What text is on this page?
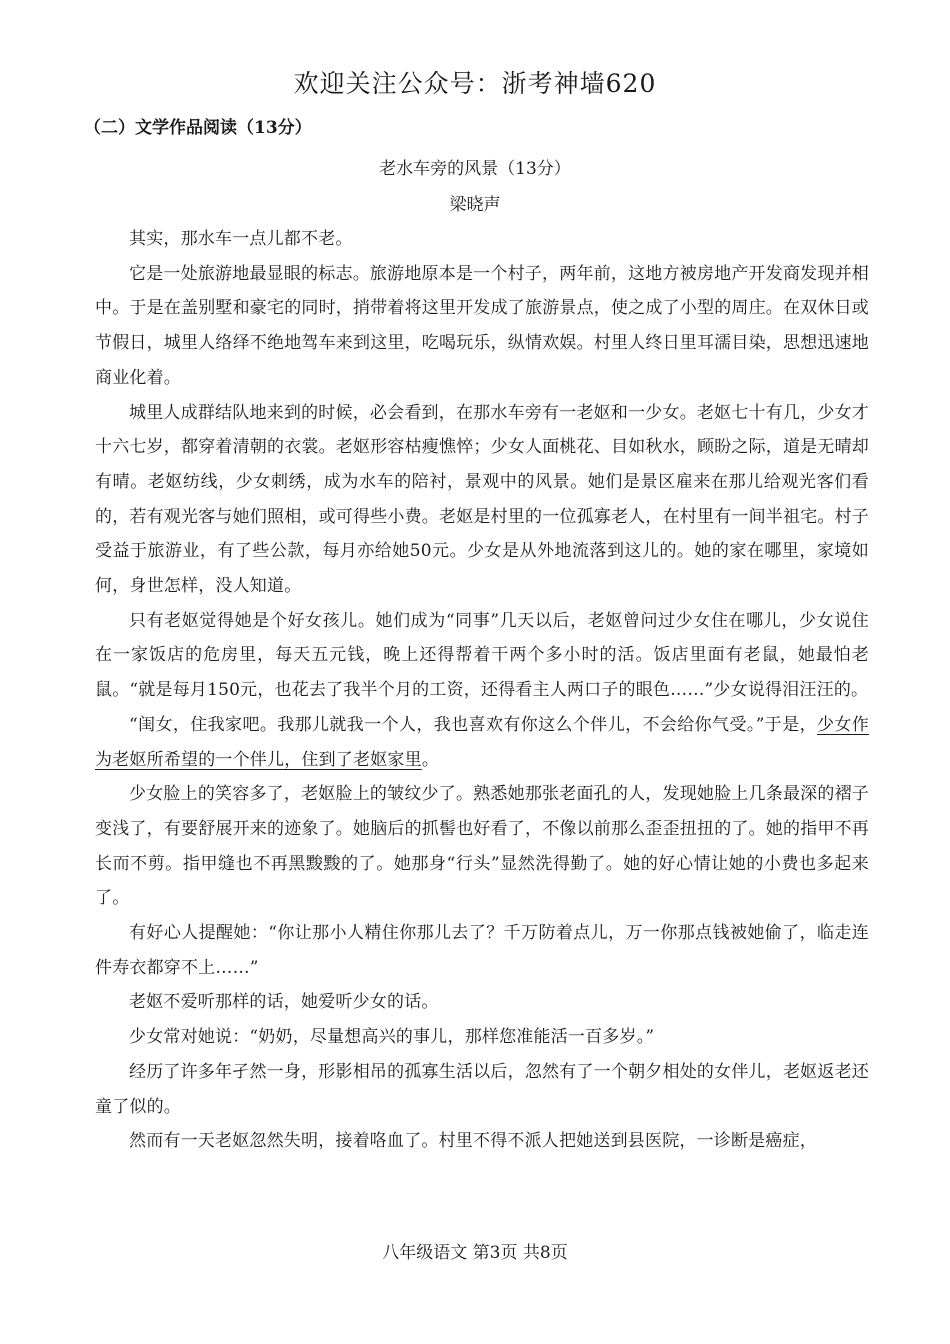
欢迎关注公众号：浙考神墙620
（二）文学作品阅读（13分）
老水车旁的风景（13分）
梁晓声

其实，那水车一点儿都不老。

它是一处旅游地最显眼的标志。旅游地原本是一个村子，两年前，这地方被房地产开发商发现并相中。于是在盖别墅和豪宅的同时，捎带着将这里开发成了旅游景点，使之成了小型的周庄。在双休日或节假日，城里人络绎不绝地驾车来到这里，吃喝玩乐，纵情欢娱。村里人终日里耳濡目染，思想迅速地商业化着。

城里人成群结队地来到的时候，必会看到，在那水车旁有一老妪和一少女。老妪七十有几，少女才十六七岁，都穿着清朝的衣裳。老妪形容枯瘦憔悴；少女人面桃花、目如秋水，顾盼之际，道是无晴却有晴。老妪纺线，少女刺绣，成为水车的陪衬，景观中的风景。她们是景区雇来在那儿给观光客们看的，若有观光客与她们照相，或可得些小费。老妪是村里的一位孤寡老人，在村里有一间半祖宅。村子受益于旅游业，有了些公款，每月亦给她50元。少女是从外地流落到这儿的。她的家在哪里，家境如何，身世怎样，没人知道。

只有老妪觉得她是个好女孩儿。她们成为“同事”几天以后，老妪曾问过少女住在哪儿，少女说住在一家饭店的危房里，每天五元钱，晚上还得帮着干两个多小时的活。饭店里面有老鼠，她最怕老鼠。“就是每月150元，也花去了我半个月的工资，还得看主人两口子的眼色……”少女说得泪汪汪的。

“闺女，住我家吧。我那儿就我一个人，我也喜欢有你这么个伴儿，不会给你气受。”于是，少女作为老妪所希望的一个伴儿，住到了老妪家里。

少女脸上的笑容多了，老妪脸上的皱纹少了。熟悉她那张老面孔的人，发现她脸上几条最深的褶子变浅了，有要舒展开来的迹象了。她脑后的抓髻也好看了，不像以前那么歪歪扭扭的了。她的指甲不再长而不剪。指甲缝也不再黑黢黢的了。她那身“行头”显然洗得勤了。她的好心情让她的小费也多起来了。

有好心人提醒她：“你让那小人精住你那儿去了？千万防着点儿，万一你那点钱被她偷了，临走连件寿衣都穿不上……”

老妪不爱听那样的话，她爱听少女的话。

少女常对她说：“奶奶，尽量想高兴的事儿，那样您准能活一百多岁。”

经历了许多年孑然一身，形影相吊的孤寡生活以后，忽然有了一个朝夕相处的女伴儿，老妪返老还童了似的。

然而有一天老妪忽然失明，接着咯血了。村里不得不派人把她送到县医院，一诊断是癌症，

八年级语文 第3页 共8页
